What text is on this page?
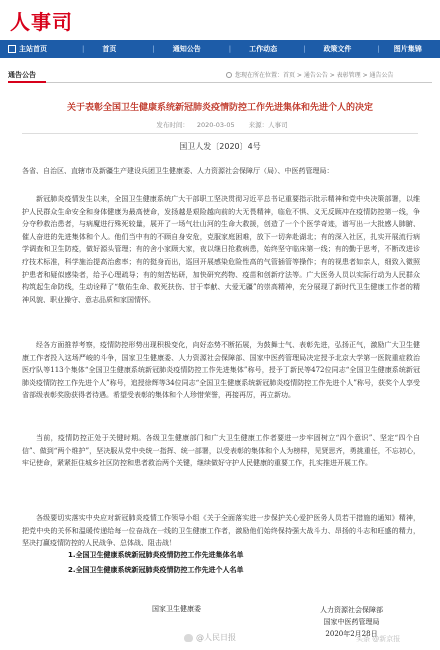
人事司
主站首页	|	首页	|	通知公告	|	工作动态	|	政策文件	|	图片集锦
通告公告	您现在所在位置：首页 > 通告公告 > 表彰管理 > 通告公告
关于表彰全国卫生健康系统新冠肺炎疫情防控工作先进集体和先进个人的决定
发布时间： 2020-03-05 来源：人事司
国卫人发〔2020〕4号
各省、自治区、直辖市及新疆生产建设兵团卫生健康委、人力资源社会保障厅（局）、中医药管理局：
新冠肺炎疫情发生以来，全国卫生健康系统广大干部职工坚决贯彻习近平总书记重要指示批示精神和党中央决策部署，以维护人民群众生命安全和身体健康为最高使命，发扬越是艰险越向前的大无畏精神，临危不惧、义无反顾冲在疫情防控第一线，争分夺秒救治患者，与病魔进行殊死较量，展开了一场气壮山河的生命大救援，创造了一个个医学奇迹，谱写出一大批感人肺腑、催人奋进的先进集体和个人。他们当中有的不顾自身安危，克服家庭困难，放下一切奔赴湖北；有的深入社区，扎实开展流行病学调查和卫生防疫，做好源头管理；有的舍小家顾大家，夜以继日抢救病患，始终坚守临床第一线；有的勤于思考，不断改进诊疗技术标准，科学施治提高治愈率；有的挺身而出，巡回开展感染危险性高的气管插管等操作；有的视患者如亲人，细致入微照护患者和疑似感染者，给予心理疏导；有的刻苦钻研，加快研究药物、疫苗和创新疗法等。广大医务人员以实际行动为人民群众构筑起生命防线，生动诠释了“敬佑生命、救死扶伤、甘于奉献、大爱无疆”的崇高精神，充分展现了新时代卫生健康工作者的精神风貌、职业操守、意志品质和家国情怀。
经各方面推荐考察，疫情防控形势出现积极变化，向好态势不断拓展，为鼓舞士气、表彰先进，弘扬正气，激励广大卫生健康工作者投入这场严峻的斗争，国家卫生健康委、人力资源社会保障部、国家中医药管理局决定授予北京大学第一医院重症救治医疗队等113个集体“全国卫生健康系统新冠肺炎疫情防控工作先进集体”称号，授予丁新民等472位同志“全国卫生健康系统新冠肺炎疫情防控工作先进个人”称号，追授徐辉等34位同志“全国卫生健康系统新冠肺炎疫情防控工作先进个人”称号，获奖个人享受省部级表彰奖励获得者待遇。希望受表彰的集体和个人珍惜荣誉，再接再厉，再立新功。
当前，疫情防控正处于关键时期。各级卫生健康部门和广大卫生健康工作者要进一步牢固树立“四个意识”、坚定“四个自信”、做到“两个维护”，坚决服从党中央统一指挥、统一部署，以受表彰的集体和个人为榜样，见贤思齐，勇挑重任，不忘初心，牢记使命，紧紧拒住城乡社区防控和患者救治两个关键，继续做好守护人民健康的重要工作，扎实推进开展工作。
各级要切实落实中央应对新冠肺炎疫情工作领导小组《关于全面落实进一步保护关心爱护医务人员若干措施的通知》精神，把党中央的关怀和温暖传递给每一位奋战在一线的卫生健康工作者，激励他们始终保持强大战斗力、昂扬的斗志和旺盛的精力，坚决打赢疫情防控的人民战争、总体战、阻击战！
1.全国卫生健康系统新冠肺炎疫情防控工作先进集体名单
2.全国卫生健康系统新冠肺炎疫情防控工作先进个人名单
国家卫生健康委	人力资源社会保障部
国家中医药管理局
2020年2月28日
@人民日报	头条 @新京报
